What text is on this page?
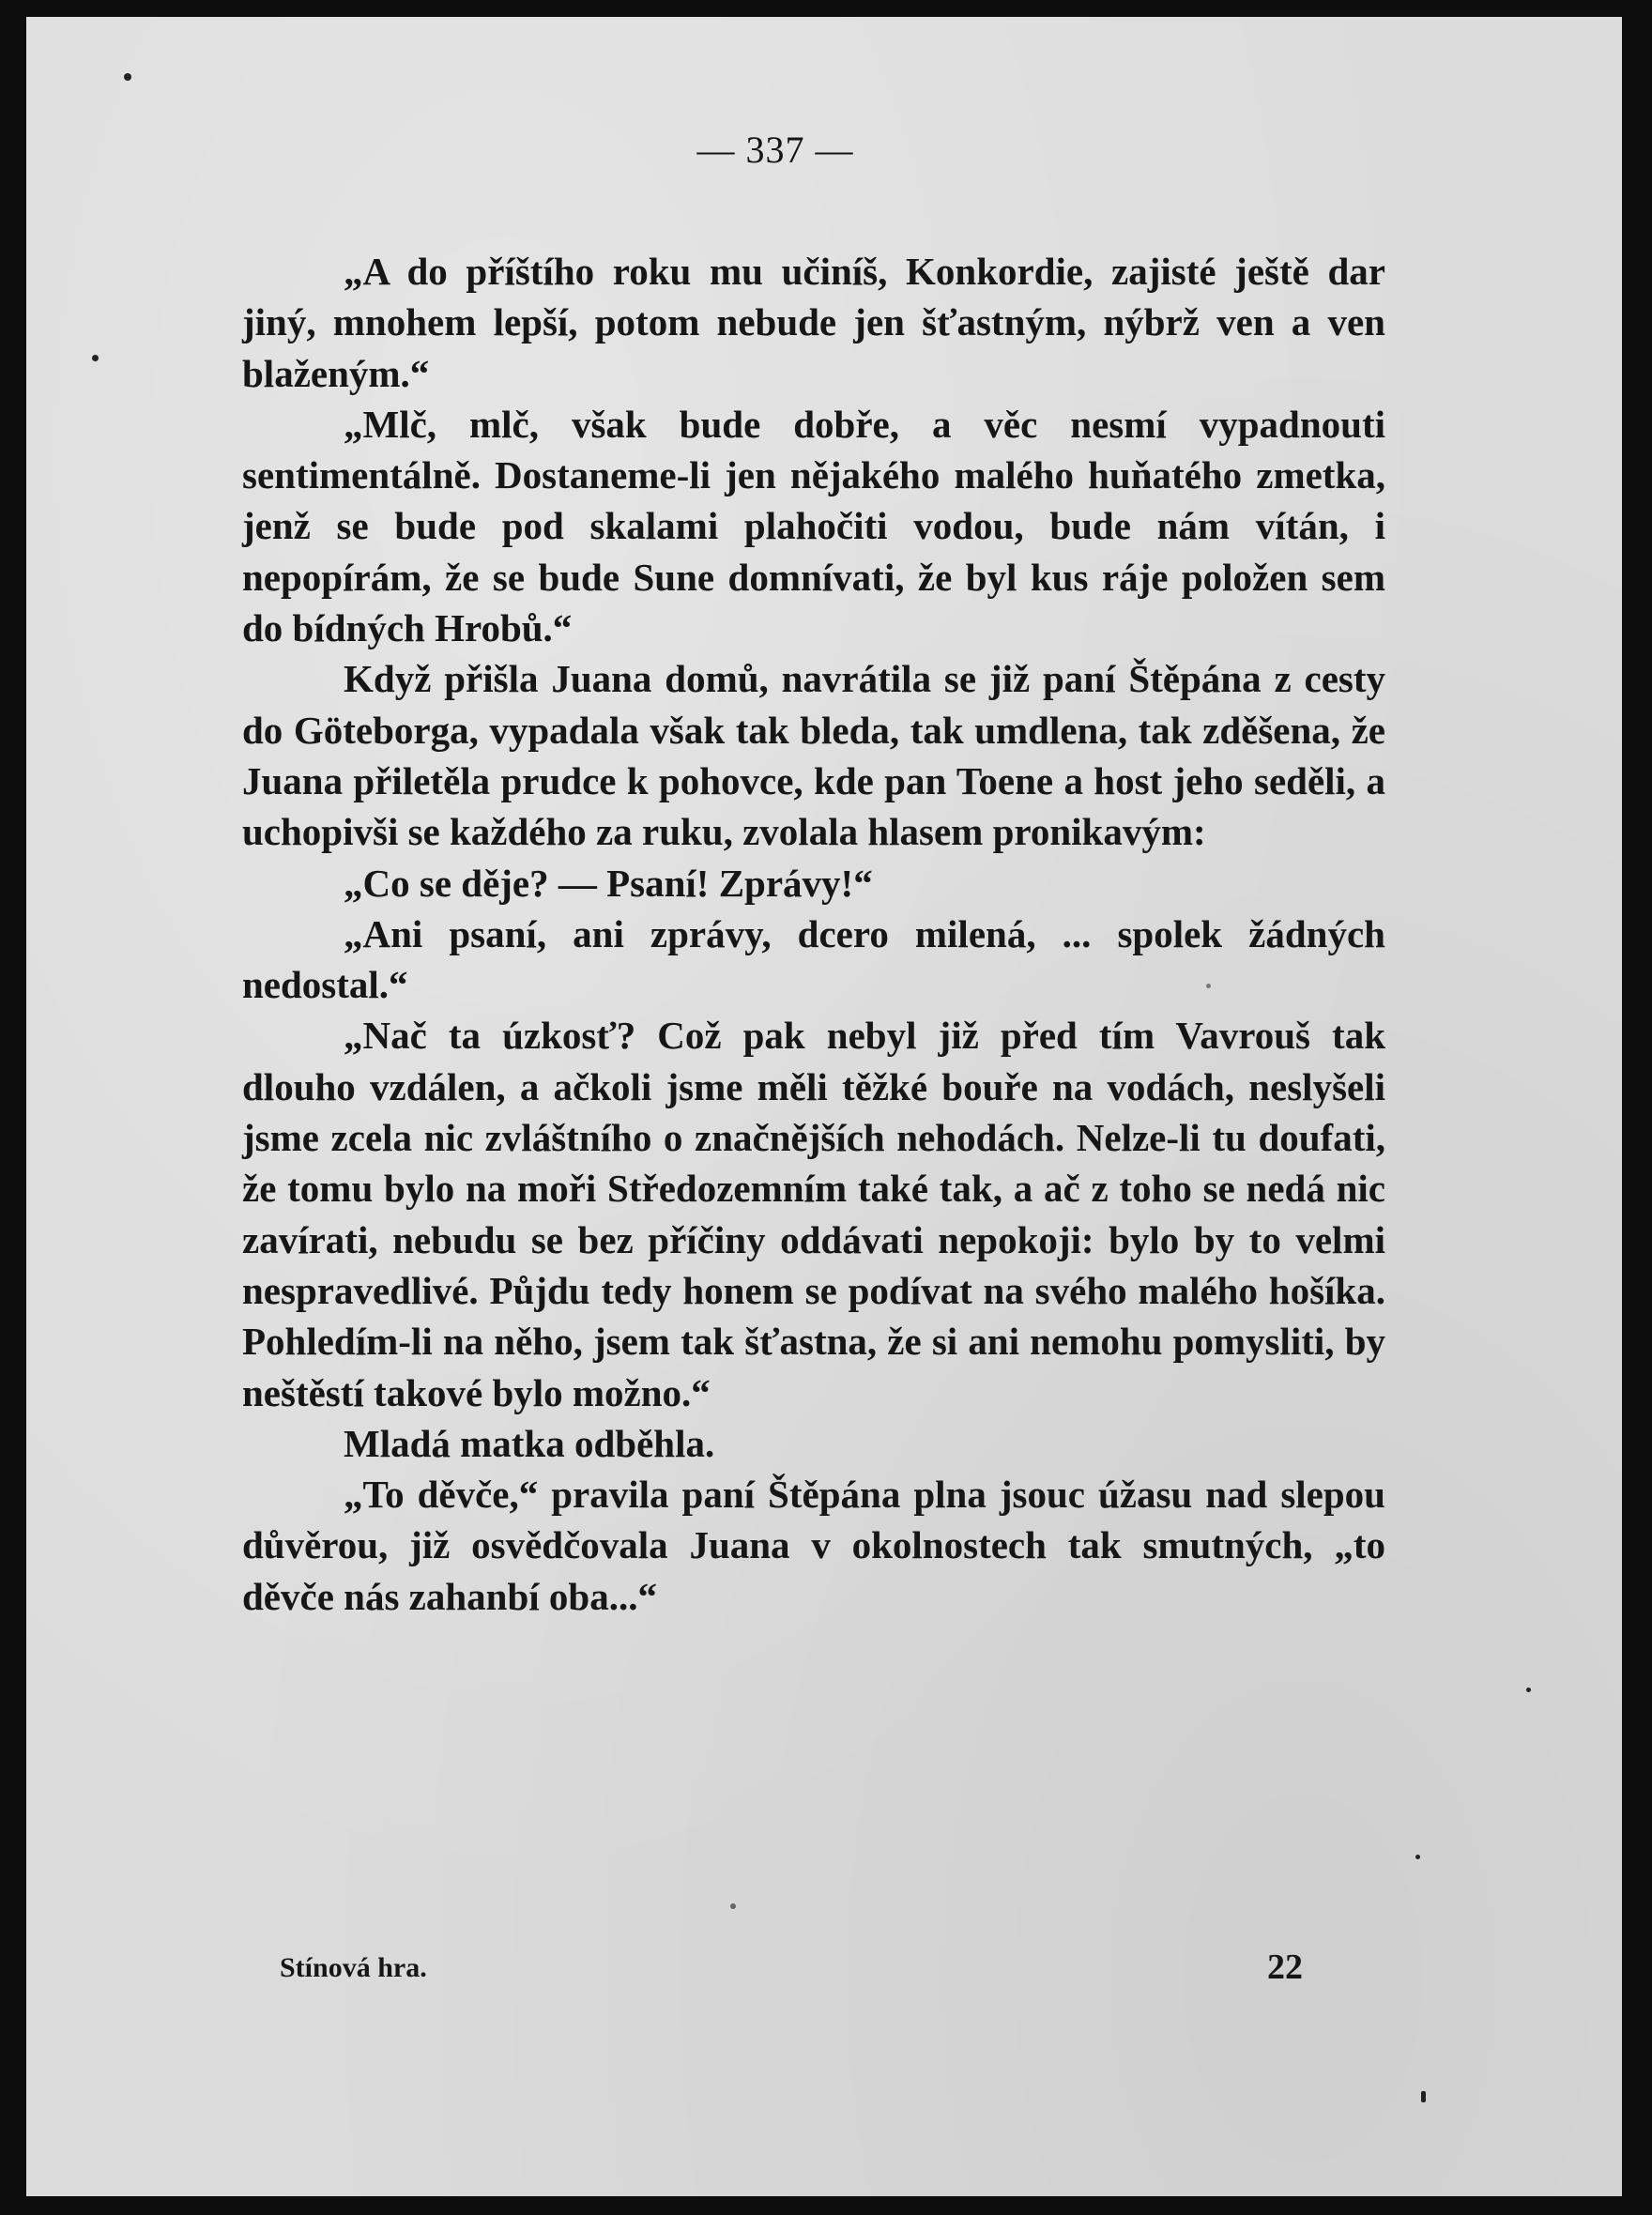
— 337 —

„A do příštího roku mu učiníš, Konkordie, zajisté ještě dar jiný, mnohem lepší, potom nebude jen šťastným, nýbrž ven a ven blaženým.“

„Mlč, mlč, však bude dobře, a věc nesmí vypadnouti sentimentálně. Dostaneme-li jen nějakého malého huňatého zmetka, jenž se bude pod skalami plahočiti vodou, bude nám vítán, i nepopírám, že se bude Sune domnívati, že byl kus ráje položen sem do bídných Hrobů.“

Když přišla Juana domů, navrátila se již paní Štěpána z cesty do Göteborga, vypadala však tak bleda, tak umdlena, tak zděšena, že Juana přiletěla prudce k pohovce, kde pan Toene a host jeho seděli, a uchopivši se každého za ruku, zvolala hlasem pronikavým:

„Co se děje? — Psaní! Zprávy!“

„Ani psaní, ani zprávy, dcero milená, ... spolek žádných nedostal.“

„Nač ta úzkosť? Což pak nebyl již před tím Vavrouš tak dlouho vzdálen, a ačkoli jsme měli těžké bouře na vodách, neslyšeli jsme zcela nic zvláštního o značnějších nehodách. Nelze-li tu doufati, že tomu bylo na moři Středozemním také tak, a ač z toho se nedá nic zavírati, nebudu se bez příčiny oddávati nepokoji: bylo by to velmi nespravedlivé. Půjdu tedy honem se podívat na svého malého hošíka. Pohledím-li na něho, jsem tak šťastna, že si ani nemohu pomysliti, by neštěstí takové bylo možno.“

Mladá matka odběhla.

„To děvče,“ pravila paní Štěpána plna jsouc úžasu nad slepou důvěrou, již osvědčovala Juana v okolnostech tak smutných, „to děvče nás zahanbí oba...“

Stínová hra.	22
